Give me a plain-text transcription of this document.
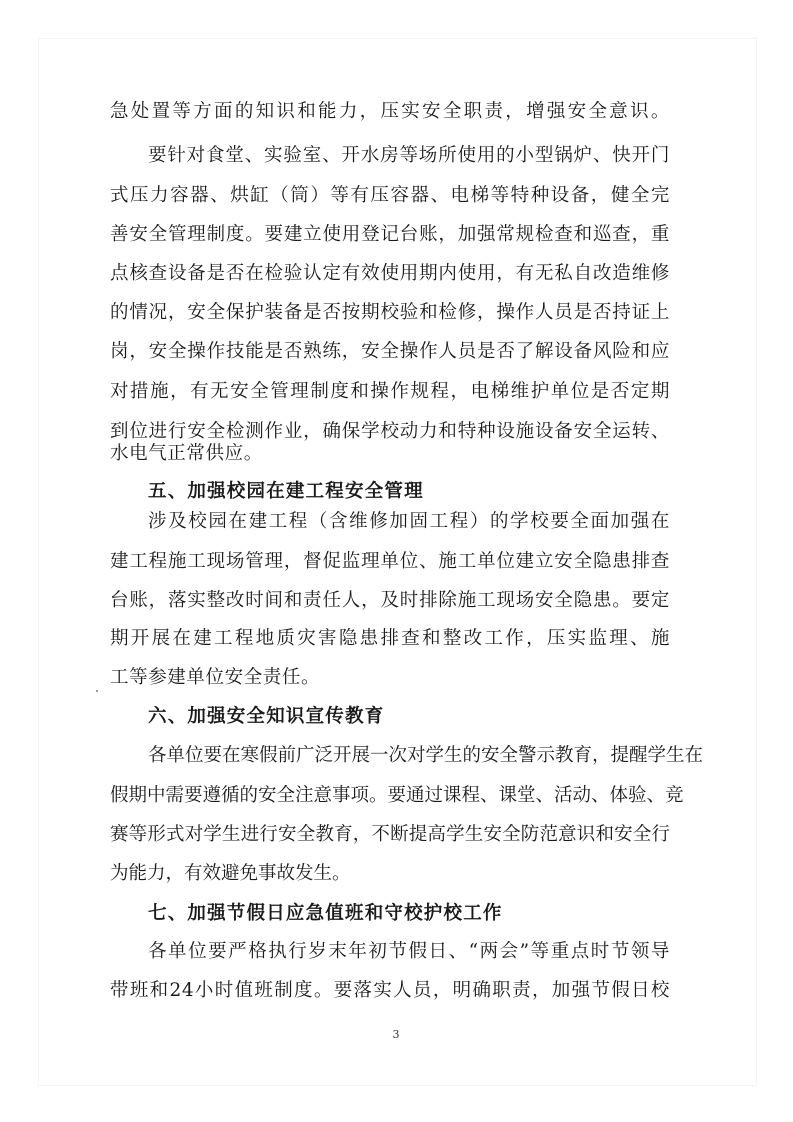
急处置等方面的知识和能力，压实安全职责，增强安全意识。
要针对食堂、实验室、开水房等场所使用的小型锅炉、快开门
式压力容器、烘缸（筒）等有压容器、电梯等特种设备，健全完
善安全管理制度。要建立使用登记台账，加强常规检查和巡查，重
点核查设备是否在检验认定有效使用期内使用，有无私自改造维修
的情况，安全保护装备是否按期校验和检修，操作人员是否持证上
岗，安全操作技能是否熟练，安全操作人员是否了解设备风险和应
对措施，有无安全管理制度和操作规程，电梯维护单位是否定期
到位进行安全检测作业，确保学校动力和特种设施设备安全运转、
水电气正常供应。
五、加强校园在建工程安全管理
涉及校园在建工程（含维修加固工程）的学校要全面加强在
建工程施工现场管理，督促监理单位、施工单位建立安全隐患排查
台账，落实整改时间和责任人，及时排除施工现场安全隐患。要定
期开展在建工程地质灾害隐患排查和整改工作，压实监理、施
工等参建单位安全责任。
六、加强安全知识宣传教育
各单位要在寒假前广泛开展一次对学生的安全警示教育，提醒学生在
假期中需要遵循的安全注意事项。要通过课程、课堂、活动、体验、竞
赛等形式对学生进行安全教育，不断提高学生安全防范意识和安全行
为能力，有效避免事故发生。
七、加强节假日应急值班和守校护校工作
各单位要严格执行岁末年初节假日、“两会”等重点时节领导
带班和24小时值班制度。要落实人员，明确职责，加强节假日校
3
